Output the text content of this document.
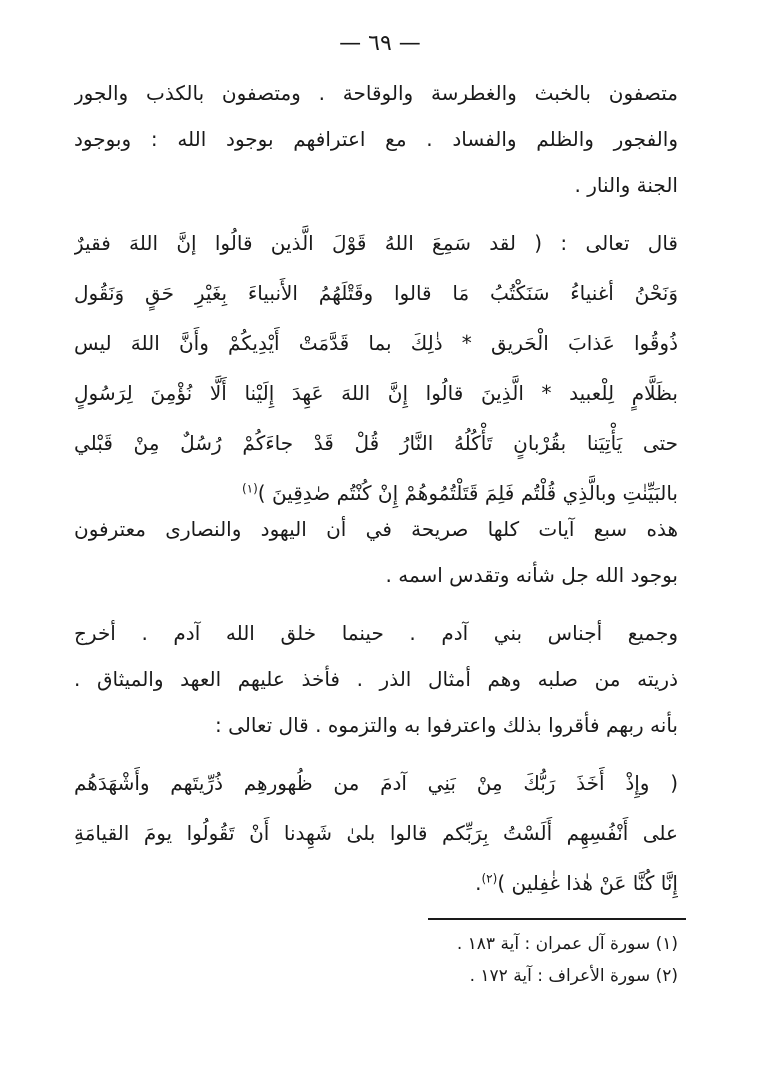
— ٦٩ —
متصفون بالخبث والغطرسة والوقاحة . ومتصفون بالكذب والجور
والفجور والظلم والفساد . مع اعترافهم بوجود الله : وبوجود
الجنة والنار .
قال تعالى : ( لقد سَمِعَ اللهُ قَوْلَ الَّذين قالُوا إنَّ اللهَ فقيرٌ
وَنَحْنُ أغنياءُ سَنَكْتُبُ مَا قالوا وقَتْلَهُمُ الأَنبياءَ بِغَيْرِ حَقٍ وَنَقُول
ذُوقُوا عَذابَ الْحَريق * ذٰلِكَ بما قَدَّمَتْ أَيْدِيكُمْ وأَنَّ اللهَ ليس
بظَلَّامٍ لِلْعبيد * الَّذِينَ قالُوا إِنَّ اللهَ عَهِدَ إِلَيْنا أَلَّا نُؤْمِنَ لِرَسُولٍ
حتى يَأْتِيَنا بقُرْبانٍ تَأْكُلُهُ النَّارُ قُلْ قَدْ جاءَكُمْ رُسُلٌ مِنْ قَبْلي
بالبَيِّنٰتِ وبالَّذِي قُلْتُم فَلِمَ قَتَلْتُمُوهُمْ إِنْ كُنْتُم صٰدِقِينَ )$^{(١)}$
هذه سبع آيات كلها صريحة في أن اليهود والنصارى معترفون
بوجود الله جل شأنه وتقدس اسمه .
وجميع أجناس بني آدم . حينما خلق الله آدم . أخرج
ذريته من صلبه وهم أمثال الذر . فأخذ عليهم العهد والميثاق .
بأنه ربهم فأقروا بذلك واعترفوا به والتزموه . قال تعالى :
( وإِذْ أَخَذَ رَبُّكَ مِنْ بَنِي آدمَ من ظُهورهِم ذُرِّيتَهم وأَشْهَدَهُم
على أَنْفُسِهِم أَلَسْتُ بِرَبِّكم قالوا بلىٰ شَهِدنا أَنْ تَقُولُوا يومَ القيامَةِ
إِنَّا كُنَّا عَنْ هٰذا غٰفِلين )$^{(٢)}$.
(١) سورة آل عمران : آية ١٨٣ .
(٢) سورة الأعراف : آية ١٧٢ .
